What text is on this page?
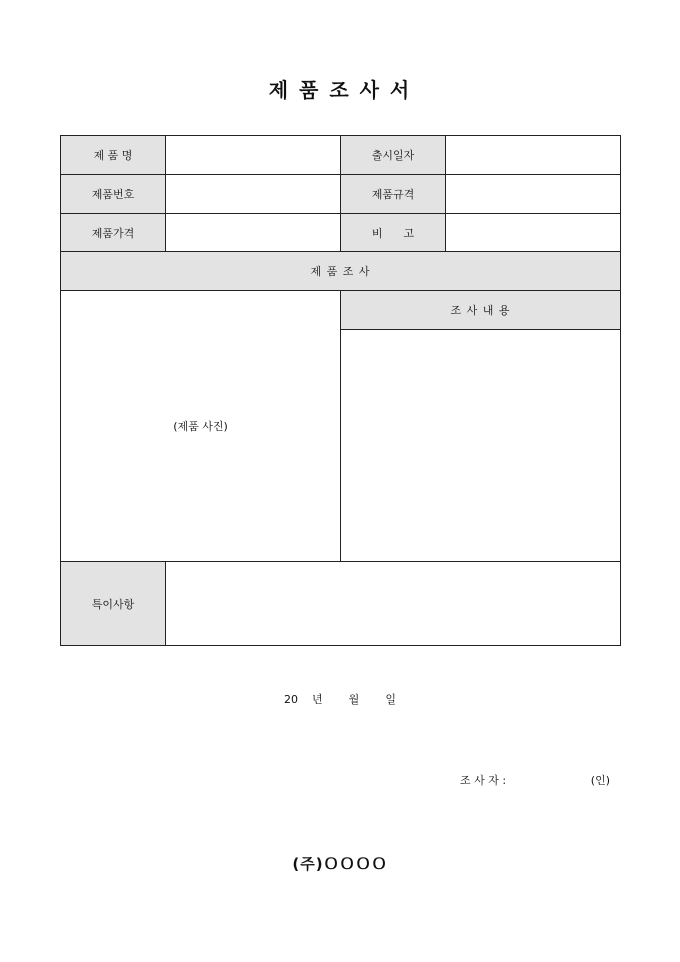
제 품 조 사 서
제 품 명		출시일자	
제품번호		제품규격	
제품가격		비      고	
제 품 조 사			
(제품 사진)		조 사 내 용	

특이사항			
20 년 월 일
조 사 자 :	(인)
(주)ＯＯＯＯ
